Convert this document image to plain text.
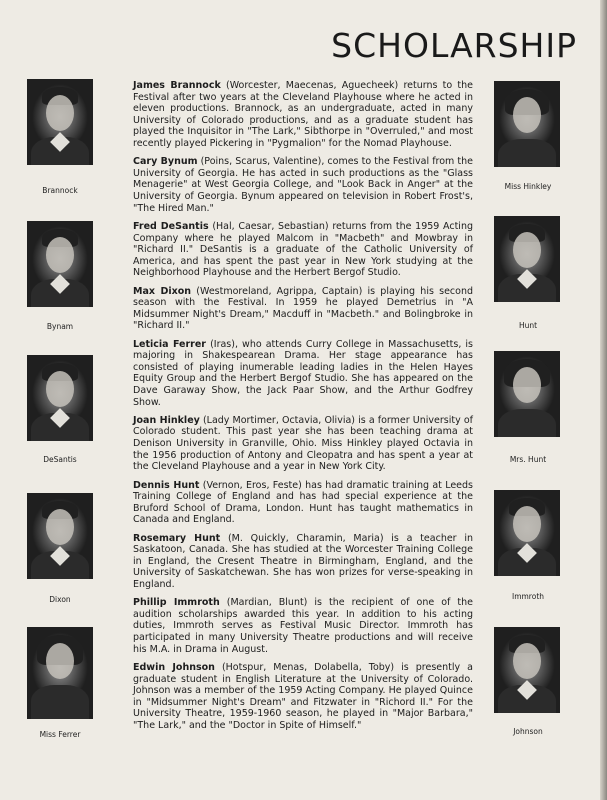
SCHOLARSHIP
Brannock
Bynam
DeSantis
Dixon
Miss Ferrer
Miss Hinkley
Hunt
Mrs. Hunt
Immroth
Johnson

James Brannock (Worcester, Maecenas, Aguecheek) returns to the Festival after two years at the Cleveland Playhouse where he acted in eleven productions. Brannock, as an undergraduate, acted in many University of Colorado productions, and as a graduate student has played the Inquisitor in "The Lark," Sibthorpe in "Overruled," and most recently played Pickering in "Pygmalion" for the Nomad Playhouse.

Cary Bynum (Poins, Scarus, Valentine), comes to the Festival from the University of Georgia. He has acted in such productions as the "Glass Menagerie" at West Georgia College, and "Look Back in Anger" at the University of Georgia. Bynum appeared on television in Robert Frost's, "The Hired Man."

Fred DeSantis (Hal, Caesar, Sebastian) returns from the 1959 Acting Company where he played Malcom in "Macbeth" and Mowbray in "Richard II." DeSantis is a graduate of the Catholic University of America, and has spent the past year in New York studying at the Neighborhood Playhouse and the Herbert Bergof Studio.

Max Dixon (Westmoreland, Agrippa, Captain) is playing his second season with the Festival. In 1959 he played Demetrius in "A Midsummer Night's Dream," Macduff in "Macbeth." and Bolingbroke in "Richard II."

Leticia Ferrer (Iras), who attends Curry College in Massachusetts, is majoring in Shakespearean Drama. Her stage appearance has consisted of playing inumerable leading ladies in the Helen Hayes Equity Group and the Herbert Bergof Studio. She has appeared on the Dave Garaway Show, the Jack Paar Show, and the Arthur Godfrey Show.

Joan Hinkley (Lady Mortimer, Octavia, Olivia) is a former University of Colorado student. This past year she has been teaching drama at Denison University in Granville, Ohio. Miss Hinkley played Octavia in the 1956 production of Antony and Cleopatra and has spent a year at the Cleveland Playhouse and a year in New York City.

Dennis Hunt (Vernon, Eros, Feste) has had dramatic training at Leeds Training College of England and has had special experience at the Bruford School of Drama, London. Hunt has taught mathematics in Canada and England.

Rosemary Hunt (M. Quickly, Charamin, Maria) is a teacher in Saskatoon, Canada. She has studied at the Worcester Training College in England, the Cresent Theatre in Birmingham, England, and the University of Saskatchewan. She has won prizes for verse-speaking in England.

Phillip Immroth (Mardian, Blunt) is the recipient of one of the audition scholarships awarded this year. In addition to his acting duties, Immroth serves as Festival Music Director. Immroth has participated in many University Theatre productions and will receive his M.A. in Drama in August.

Edwin Johnson (Hotspur, Menas, Dolabella, Toby) is presently a graduate student in English Literature at the University of Colorado. Johnson was a member of the 1959 Acting Company. He played Quince in "Midsummer Night's Dream" and Fitzwater in "Richord II." For the University Theatre, 1959-1960 season, he played in "Major Barbara," "The Lark," and the "Doctor in Spite of Himself."
